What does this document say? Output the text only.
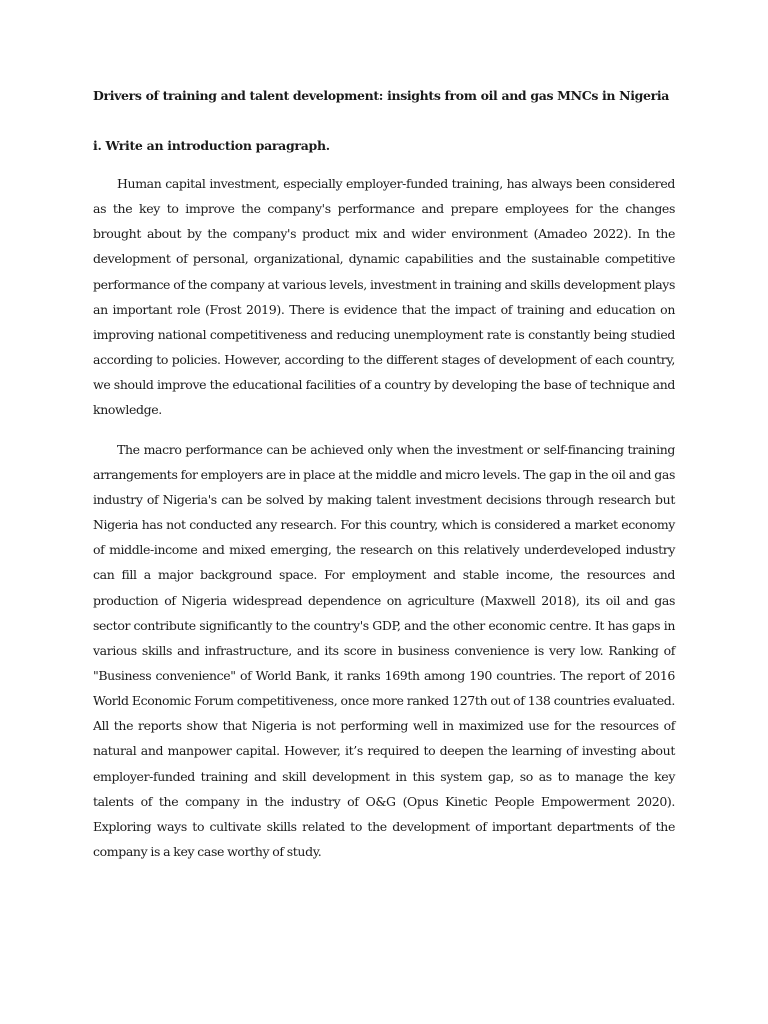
Drivers of training and talent development: insights from oil and gas MNCs in Nigeria
i. Write an introduction paragraph.

Human capital investment, especially employer-funded training, has always been considered as the key to improve the company's performance and prepare employees for the changes brought about by the company's product mix and wider environment (Amadeo 2022). In the development of personal, organizational, dynamic capabilities and the sustainable competitive performance of the company at various levels, investment in training and skills development plays an important role (Frost 2019). There is evidence that the impact of training and education on improving national competitiveness and reducing unemployment rate is constantly being studied according to policies. However, according to the different stages of development of each country, we should improve the educational facilities of a country by developing the base of technique and knowledge.

The macro performance can be achieved only when the investment or self-financing training arrangements for employers are in place at the middle and micro levels. The gap in the oil and gas industry of Nigeria's can be solved by making talent investment decisions through research but Nigeria has not conducted any research. For this country, which is considered a market economy of middle-income and mixed emerging, the research on this relatively underdeveloped industry can fill a major background space. For employment and stable income, the resources and production of Nigeria widespread dependence on agriculture (Maxwell 2018), its oil and gas sector contribute significantly to the country's GDP, and the other economic centre. It has gaps in various skills and infrastructure, and its score in business convenience is very low. Ranking of "Business convenience" of World Bank, it ranks 169th among 190 countries. The report of 2016 World Economic Forum competitiveness, once more ranked 127th out of 138 countries evaluated. All the reports show that Nigeria is not performing well in maximized use for the resources of natural and manpower capital. However, it’s required to deepen the learning of investing about employer-funded training and skill development in this system gap, so as to manage the key talents of the company in the industry of O&G (Opus Kinetic People Empowerment 2020). Exploring ways to cultivate skills related to the development of important departments of the company is a key case worthy of study.
